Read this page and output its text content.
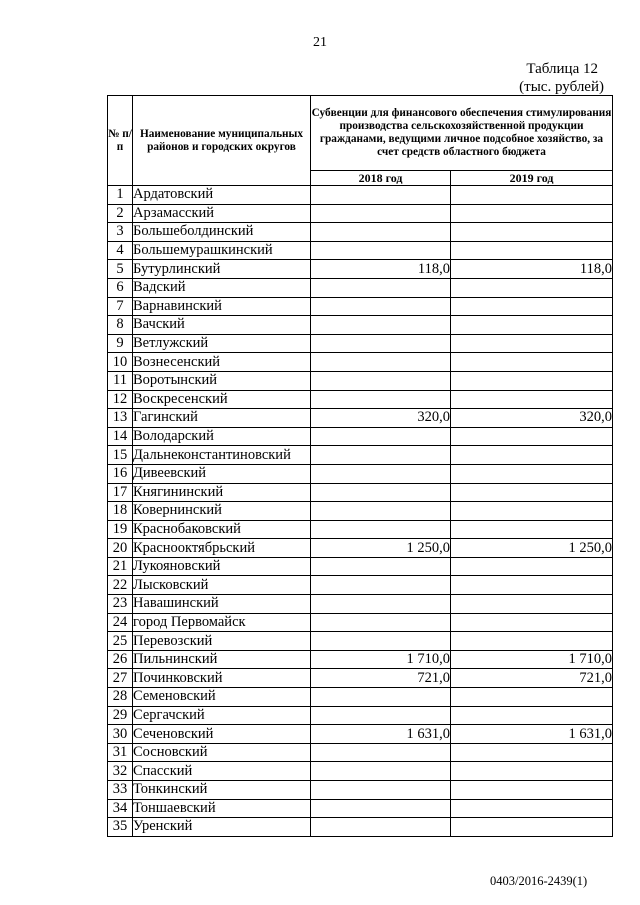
21
Таблица 12
(тыс. рублей)
№ п/п	Наименование муниципальных районов и городских округов	Субвенции для финансового обеспечения стимулирования производства сельскохозяйственной продукции гражданами, ведущими личное подсобное хозяйство, за счет средств областного бюджета	
		2018 год	2019 год
1	Ардатовский		
2	Арзамасский		
3	Большеболдинский		
4	Большемурашкинский		
5	Бутурлинский	118,0	118,0
6	Вадский		
7	Варнавинский		
8	Вачский		
9	Ветлужский		
10	Вознесенский		
11	Воротынский		
12	Воскресенский		
13	Гагинский	320,0	320,0
14	Володарский		
15	Дальнеконстантиновский		
16	Дивеевский		
17	Княгининский		
18	Ковернинский		
19	Краснобаковский		
20	Краснооктябрьский	1 250,0	1 250,0
21	Лукояновский		
22	Лысковский		
23	Навашинский		
24	город Первомайск		
25	Перевозский		
26	Пильнинский	1 710,0	1 710,0
27	Починковский	721,0	721,0
28	Семеновский		
29	Сергачский		
30	Сеченовский	1 631,0	1 631,0
31	Сосновский		
32	Спасский		
33	Тонкинский		
34	Тоншаевский		
35	Уренский		
0403/2016-2439(1)
